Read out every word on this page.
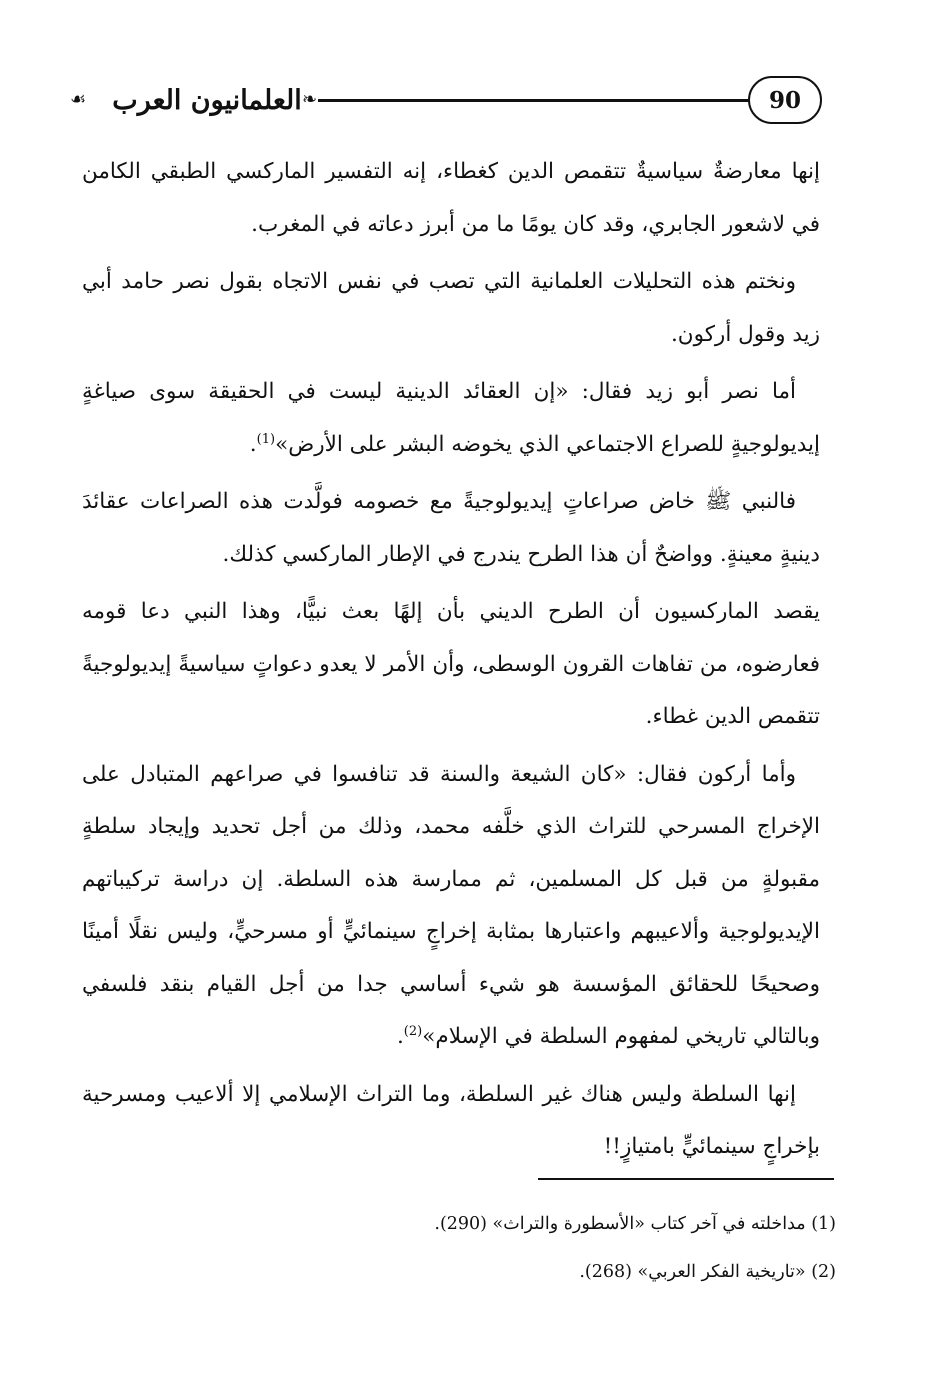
90
❧
العلمانيون العرب
☙

إنها معارضةٌ سياسيةٌ تتقمص الدين كغطاء، إنه التفسير الماركسي الطبقي الكامن في لاشعور الجابري، وقد كان يومًا ما من أبرز دعاته في المغرب.

ونختم هذه التحليلات العلمانية التي تصب في نفس الاتجاه بقول نصر حامد أبي زيد وقول أركون.

أما نصر أبو زيد فقال: «إن العقائد الدينية ليست في الحقيقة سوى صياغةٍ إيديولوجيةٍ للصراع الاجتماعي الذي يخوضه البشر على الأرض»$^{(1)}$.

فالنبي ﷺ خاض صراعاتٍ إيديولوجيةً مع خصومه فولَّدت هذه الصراعات عقائدَ دينيةٍ معينةٍ. وواضحٌ أن هذا الطرح يندرج في الإطار الماركسي كذلك.

يقصد الماركسيون أن الطرح الديني بأن إلهًا بعث نبيًّا، وهذا النبي دعا قومه فعارضوه، من تفاهات القرون الوسطى، وأن الأمر لا يعدو دعواتٍ سياسيةً إيديولوجيةً تتقمص الدين غطاء.

وأما أركون فقال: «كان الشيعة والسنة قد تنافسوا في صراعهم المتبادل على الإخراج المسرحي للتراث الذي خلَّفه محمد، وذلك من أجل تحديد وإيجاد سلطةٍ مقبولةٍ من قبل كل المسلمين، ثم ممارسة هذه السلطة. إن دراسة تركيباتهم الإيديولوجية وألاعيبهم واعتبارها بمثابة إخراجٍ سينمائيٍّ أو مسرحيٍّ، وليس نقلًا أمينًا وصحيحًا للحقائق المؤسسة هو شيء أساسي جدا من أجل القيام بنقد فلسفي وبالتالي تاريخي لمفهوم السلطة في الإسلام»$^{(2)}$.

إنها السلطة وليس هناك غير السلطة، وما التراث الإسلامي إلا ألاعيب ومسرحية بإخراجٍ سينمائيٍّ بامتيازٍ!!

(1) مداخلته في آخر كتاب «الأسطورة والتراث» (290).
(2) «تاريخية الفكر العربي» (268).
